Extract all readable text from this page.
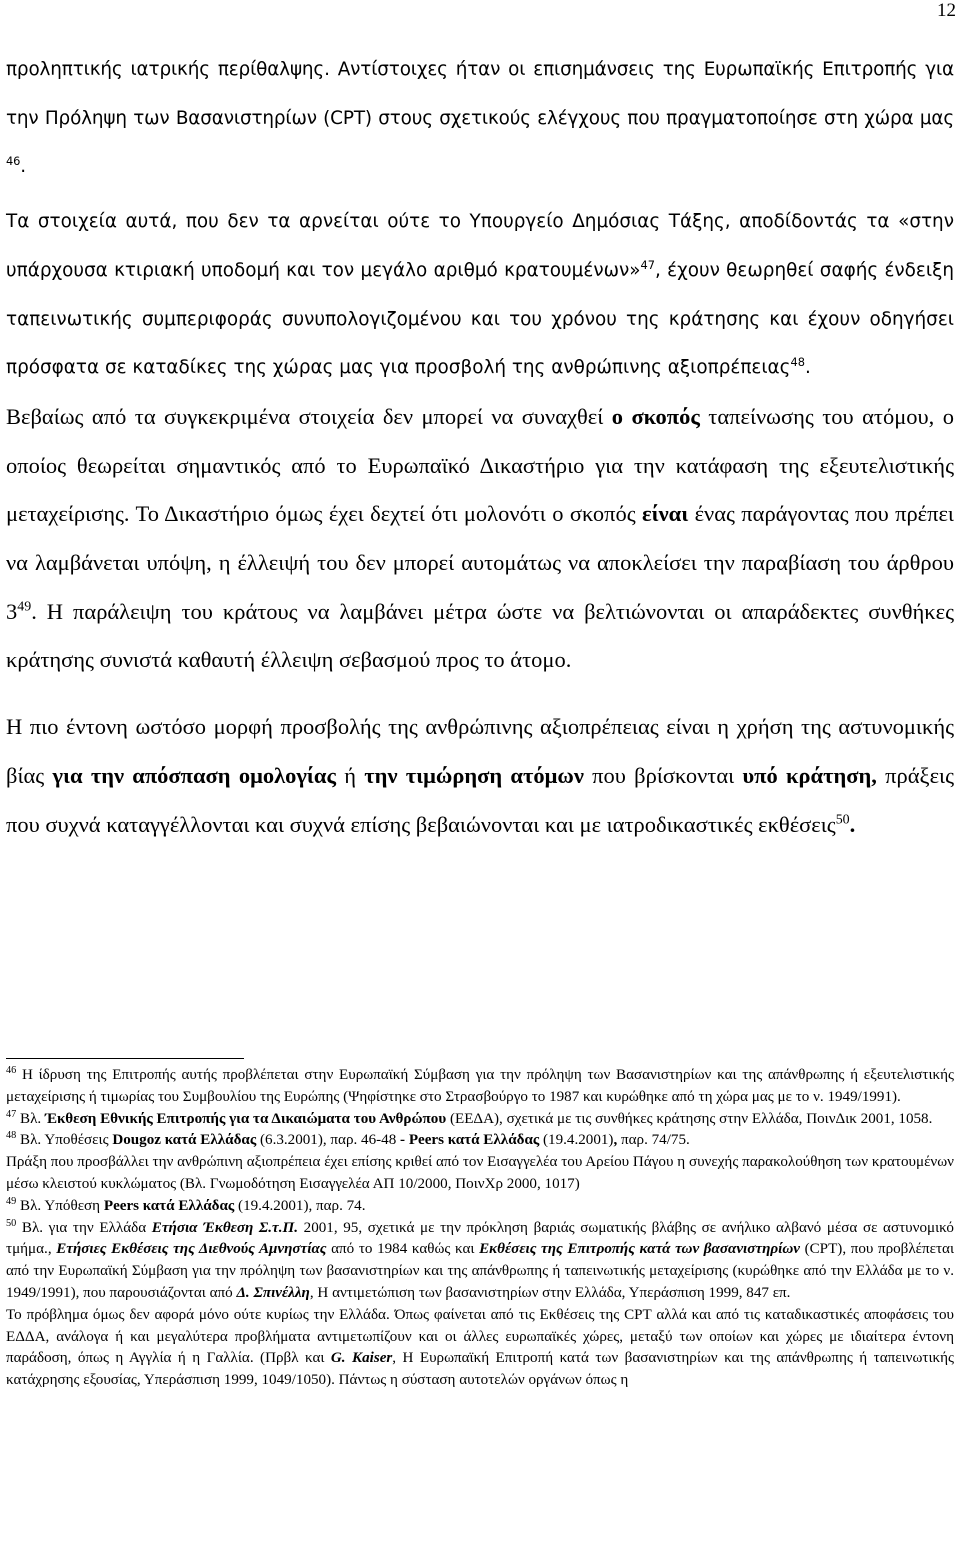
12

προληπτικής ιατρικής περίθαλψης. Αντίστοιχες ήταν οι επισημάνσεις της Ευρωπαϊκής Επιτροπής για την Πρόληψη των Βασανιστηρίων (CPT) στους σχετικούς ελέγχους που πραγματοποίησε στη χώρα μας $^{46}$.

Τα στοιχεία αυτά, που δεν τα αρνείται ούτε το Υπουργείο Δημόσιας Τάξης, αποδίδοντάς τα «στην υπάρχουσα κτιριακή υποδομή και τον μεγάλο αριθμό κρατουμένων»$^{47}$, έχουν θεωρηθεί σαφής ένδειξη ταπεινωτικής συμπεριφοράς συνυπολογιζομένου και του χρόνου της κράτησης και έχουν οδηγήσει πρόσφατα σε καταδίκες της χώρας μας για προσβολή της ανθρώπινης αξιοπρέπειας$^{48}$.

Βεβαίως από τα συγκεκριμένα στοιχεία δεν μπορεί να συναχθεί ο σκοπός ταπείνωσης του ατόμου, ο οποίος θεωρείται σημαντικός από το Ευρωπαϊκό Δικαστήριο για την κατάφαση της εξευτελιστικής μεταχείρισης. Το Δικαστήριο όμως έχει δεχτεί ότι μολονότι ο σκοπός είναι ένας παράγοντας που πρέπει να λαμβάνεται υπόψη, η έλλειψή του δεν μπορεί αυτομάτως να αποκλείσει την παραβίαση του άρθρου $3^{49}$. Η παράλειψη του κράτους να λαμβάνει μέτρα ώστε να βελτιώνονται οι απαράδεκτες συνθήκες κράτησης συνιστά καθαυτή έλλειψη σεβασμού προς το άτομο.

Η πιο έντονη ωστόσο μορφή προσβολής της ανθρώπινης αξιοπρέπειας είναι η χρήση της αστυνομικής βίας για την απόσπαση ομολογίας ή την τιμώρηση ατόμων που βρίσκονται υπό κράτηση, πράξεις που συχνά καταγγέλλονται και συχνά επίσης βεβαιώνονται και με ιατροδικαστικές εκθέσεις$^{50}$.

$^{46}$ Η ίδρυση της Επιτροπής αυτής προβλέπεται στην Ευρωπαϊκή Σύμβαση για την πρόληψη των Βασανιστηρίων και της απάνθρωπης ή εξευτελιστικής μεταχείρισης ή τιμωρίας του Συμβουλίου της Ευρώπης (Ψηφίστηκε στο Στρασβούργο το 1987 και κυρώθηκε από τη χώρα μας με το ν. 1949/1991).

$^{47}$ Βλ. Έκθεση Εθνικής Επιτροπής για τα Δικαιώματα του Ανθρώπου (ΕΕΔΑ), σχετικά με τις συνθήκες κράτησης στην Ελλάδα, ΠοινΔικ 2001, 1058.

$^{48}$ Βλ. Υποθέσεις Dougoz κατά Ελλάδας (6.3.2001), παρ. 46-48 - Peers κατά Ελλάδας (19.4.2001), παρ. 74/75.

Πράξη που προσβάλλει την ανθρώπινη αξιοπρέπεια έχει επίσης κριθεί από τον Εισαγγελέα του Αρείου Πάγου η συνεχής παρακολούθηση των κρατουμένων μέσω κλειστού κυκλώματος (Βλ. Γνωμοδότηση Εισαγγελέα ΑΠ 10/2000, ΠοινΧρ 2000, 1017)

$^{49}$ Βλ. Υπόθεση Peers κατά Ελλάδας (19.4.2001), παρ. 74.

$^{50}$ Βλ. για την Ελλάδα Ετήσια Έκθεση Σ.τ.Π. 2001, 95, σχετικά με την πρόκληση βαριάς σωματικής βλάβης σε ανήλικο αλβανό μέσα σε αστυνομικό τμήμα., Ετήσιες Εκθέσεις της Διεθνούς Αμνηστίας από το 1984 καθώς και Εκθέσεις της Επιτροπής κατά των βασανιστηρίων (CPT), που προβλέπεται από την Ευρωπαϊκή Σύμβαση για την πρόληψη των βασανιστηρίων και της απάνθρωπης ή ταπεινωτικής μεταχείρισης (κυρώθηκε από την Ελλάδα με το ν. 1949/1991), που παρουσιάζονται από Δ. Σπινέλλη, Η αντιμετώπιση των βασανιστηρίων στην Ελλάδα, Υπεράσπιση 1999, 847 επ.

Το πρόβλημα όμως δεν αφορά μόνο ούτε κυρίως την Ελλάδα. Όπως φαίνεται από τις Εκθέσεις της CPT αλλά και από τις καταδικαστικές αποφάσεις του ΕΔΔΑ, ανάλογα ή και μεγαλύτερα προβλήματα αντιμετωπίζουν και οι άλλες ευρωπαϊκές χώρες, μεταξύ των οποίων και χώρες με ιδιαίτερα έντονη παράδοση, όπως η Αγγλία ή η Γαλλία. (Πρβλ και G. Kaiser, Η Ευρωπαϊκή Επιτροπή κατά των βασανιστηρίων και της απάνθρωπης ή ταπεινωτικής κατάχρησης εξουσίας, Υπεράσπιση 1999, 1049/1050). Πάντως η σύσταση αυτοτελών οργάνων όπως η
